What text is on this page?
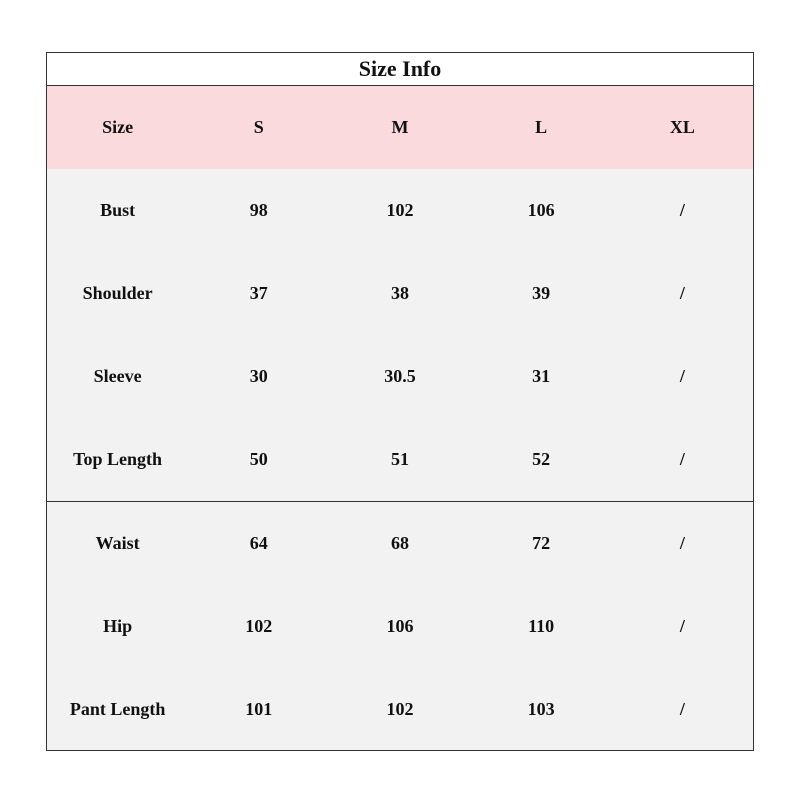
Size Info
Size	S	M	L	XL
Bust	98	102	106	/
Shoulder	37	38	39	/
Sleeve	30	30.5	31	/
Top Length	50	51	52	/
Waist	64	68	72	/
Hip	102	106	110	/
Pant Length	101	102	103	/
